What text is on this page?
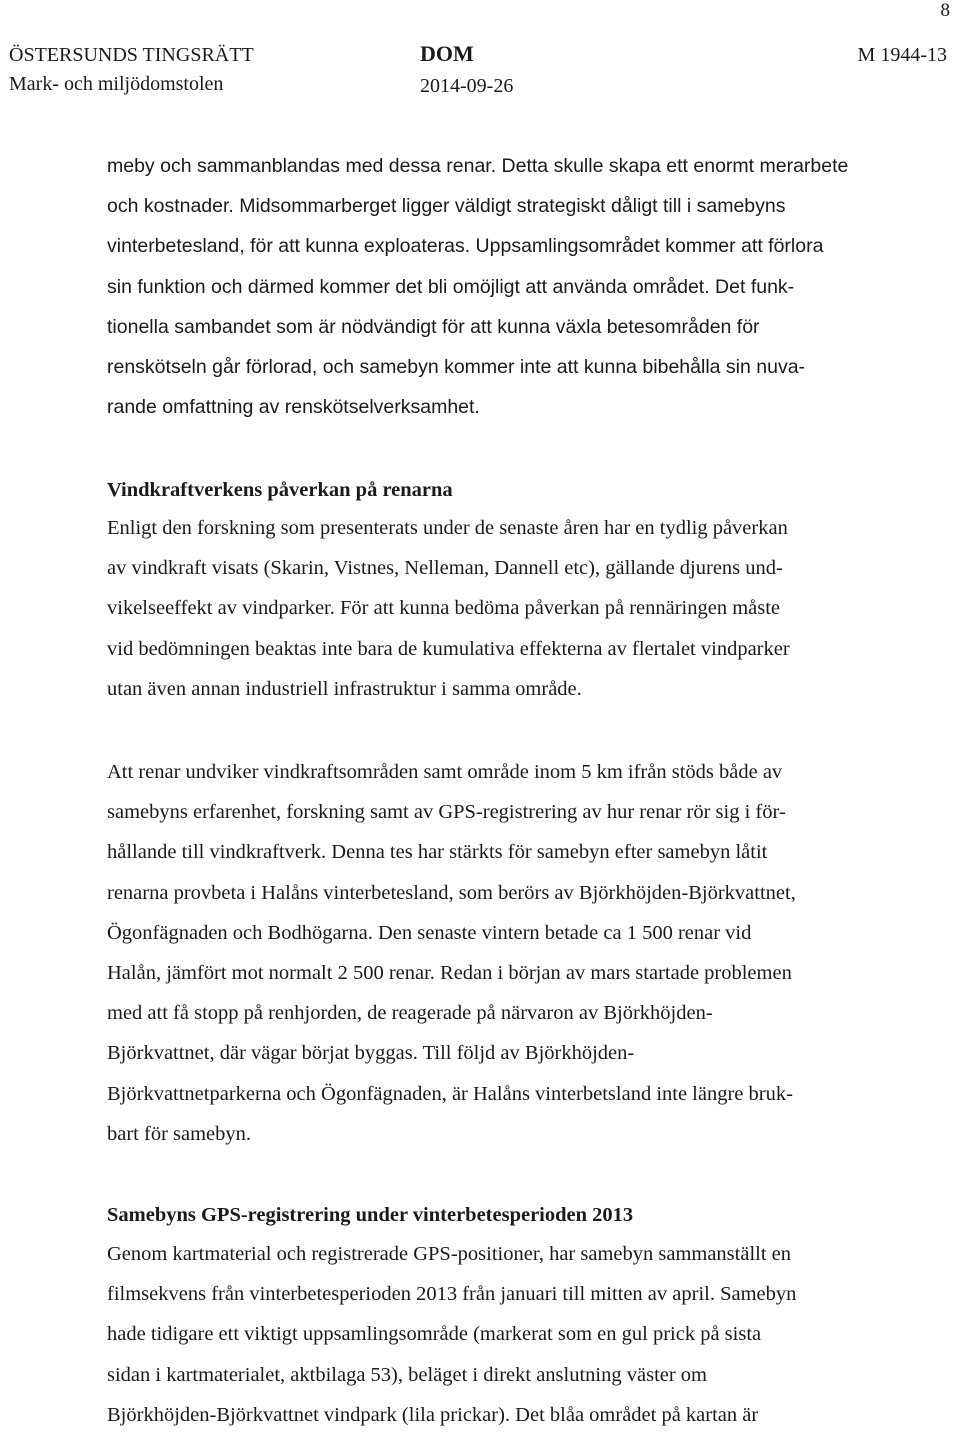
8
ÖSTERSUNDS TINGSRÄTT
Mark- och miljödomstolen
DOM
2014-09-26
M 1944-13

meby och sammanblandas med dessa renar. Detta skulle skapa ett enormt merarbete
och kostnader. Midsommarberget ligger väldigt strategiskt dåligt till i samebyns
vinterbetesland, för att kunna exploateras. Uppsamlingsområdet kommer att förlora
sin funktion och därmed kommer det bli omöjligt att använda området. Det funk-
tionella sambandet som är nödvändigt för att kunna växla betesområden för
renskötseln går förlorad, och samebyn kommer inte att kunna bibehålla sin nuva-
rande omfattning av renskötselverksamhet.

Vindkraftverkens påverkan på renarna

Enligt den forskning som presenterats under de senaste åren har en tydlig påverkan
av vindkraft visats (Skarin, Vistnes, Nelleman, Dannell etc), gällande djurens und-
vikelseeffekt av vindparker. För att kunna bedöma påverkan på rennäringen måste
vid bedömningen beaktas inte bara de kumulativa effekterna av flertalet vindparker
utan även annan industriell infrastruktur i samma område.

Att renar undviker vindkraftsområden samt område inom 5 km ifrån stöds både av
samebyns erfarenhet, forskning samt av GPS-registrering av hur renar rör sig i för-
hållande till vindkraftverk. Denna tes har stärkts för samebyn efter samebyn låtit
renarna provbeta i Halåns vinterbetesland, som berörs av Björkhöjden-Björkvattnet,
Ögonfägnaden och Bodhögarna. Den senaste vintern betade ca 1 500 renar vid
Halån, jämfört mot normalt 2 500 renar. Redan i början av mars startade problemen
med att få stopp på renhjorden, de reagerade på närvaron av Björkhöjden-
Björkvattnet, där vägar börjat byggas. Till följd av Björkhöjden-
Björkvattnetparkerna och Ögonfägnaden, är Halåns vinterbetsland inte längre bruk-
bart för samebyn.

Samebyns GPS-registrering under vinterbetesperioden 2013

Genom kartmaterial och registrerade GPS-positioner, har samebyn sammanställt en
filmsekvens från vinterbetesperioden 2013 från januari till mitten av april. Samebyn
hade tidigare ett viktigt uppsamlingsområde (markerat som en gul prick på sista
sidan i kartmaterialet, aktbilaga 53), beläget i direkt anslutning väster om
Björkhöjden-Björkvattnet vindpark (lila prickar). Det blåa området på kartan är
